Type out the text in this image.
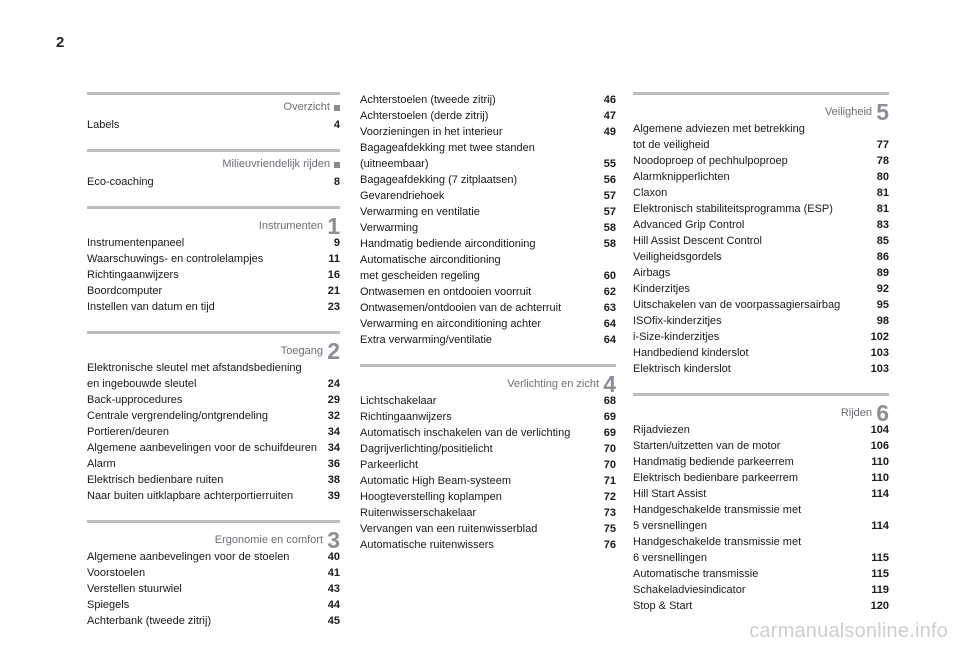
2
Overzicht
Labels	4
Milieuvriendelijk rijden
Eco-coaching	8
Instrumenten 1
Instrumentenpaneel	9
Waarschuwings- en controlelampjes	11
Richtingaanwijzers	16
Boordcomputer	21
Instellen van datum en tijd	23
Toegang 2
Elektronische sleutel met afstandsbediening
en ingebouwde sleutel	24
Back-upprocedures	29
Centrale vergrendeling/ontgrendeling	32
Portieren/deuren	34
Algemene aanbevelingen voor de schuifdeuren 34
Alarm	36
Elektrisch bedienbare ruiten	38
Naar buiten uitklapbare achterportierruiten	39
Ergonomie en comfort 3
Algemene aanbevelingen voor de stoelen	40
Voorstoelen	41
Verstellen stuurwiel	43
Spiegels	44
Achterbank (tweede zitrij)	45
Achterstoelen (tweede zitrij)	46
Achterstoelen (derde zitrij)	47
Voorzieningen in het interieur	49
Bagageafdekking met twee standen
(uitneembaar)	55
Bagageafdekking (7 zitplaatsen)	56
Gevarendriehoek	57
Verwarming en ventilatie	57
Verwarming	58
Handmatig bediende airconditioning	58
Automatische airconditioning
met gescheiden regeling	60
Ontwasemen en ontdooien voorruit	62
Ontwasemen/ontdooien van de achterruit	63
Verwarming en airconditioning achter	64
Extra verwarming/ventilatie	64
Verlichting en zicht 4
Lichtschakelaar	68
Richtingaanwijzers	69
Automatisch inschakelen van de verlichting	69
Dagrijverlichting/positielicht	70
Parkeerlicht	70
Automatic High Beam-systeem	71
Hoogteverstelling koplampen	72
Ruitenwisserschakelaar	73
Vervangen van een ruitenwisserblad	75
Automatische ruitenwissers	76
Veiligheid 5
Algemene adviezen met betrekking
tot de veiligheid	77
Noodoproep of pechhulpoproep	78
Alarmknipperlichten	80
Claxon	81
Elektronisch stabiliteitsprogramma (ESP)	81
Advanced Grip Control	83
Hill Assist Descent Control	85
Veiligheidsgordels	86
Airbags	89
Kinderzitjes	92
Uitschakelen van de voorpassagiersairbag	95
ISOfix-kinderzitjes	98
i-Size-kinderzitjes	102
Handbediend kinderslot	103
Elektrisch kinderslot	103
Rijden 6
Rijadviezen	104
Starten/uitzetten van de motor	106
Handmatig bediende parkeerrem	110
Elektrisch bedienbare parkeerrem	110
Hill Start Assist	114
Handgeschakelde transmissie met
5 versnellingen	114
Handgeschakelde transmissie met
6 versnellingen	115
Automatische transmissie	115
Schakeladviesindicator	119
Stop & Start	120
carmanualsonline.info
